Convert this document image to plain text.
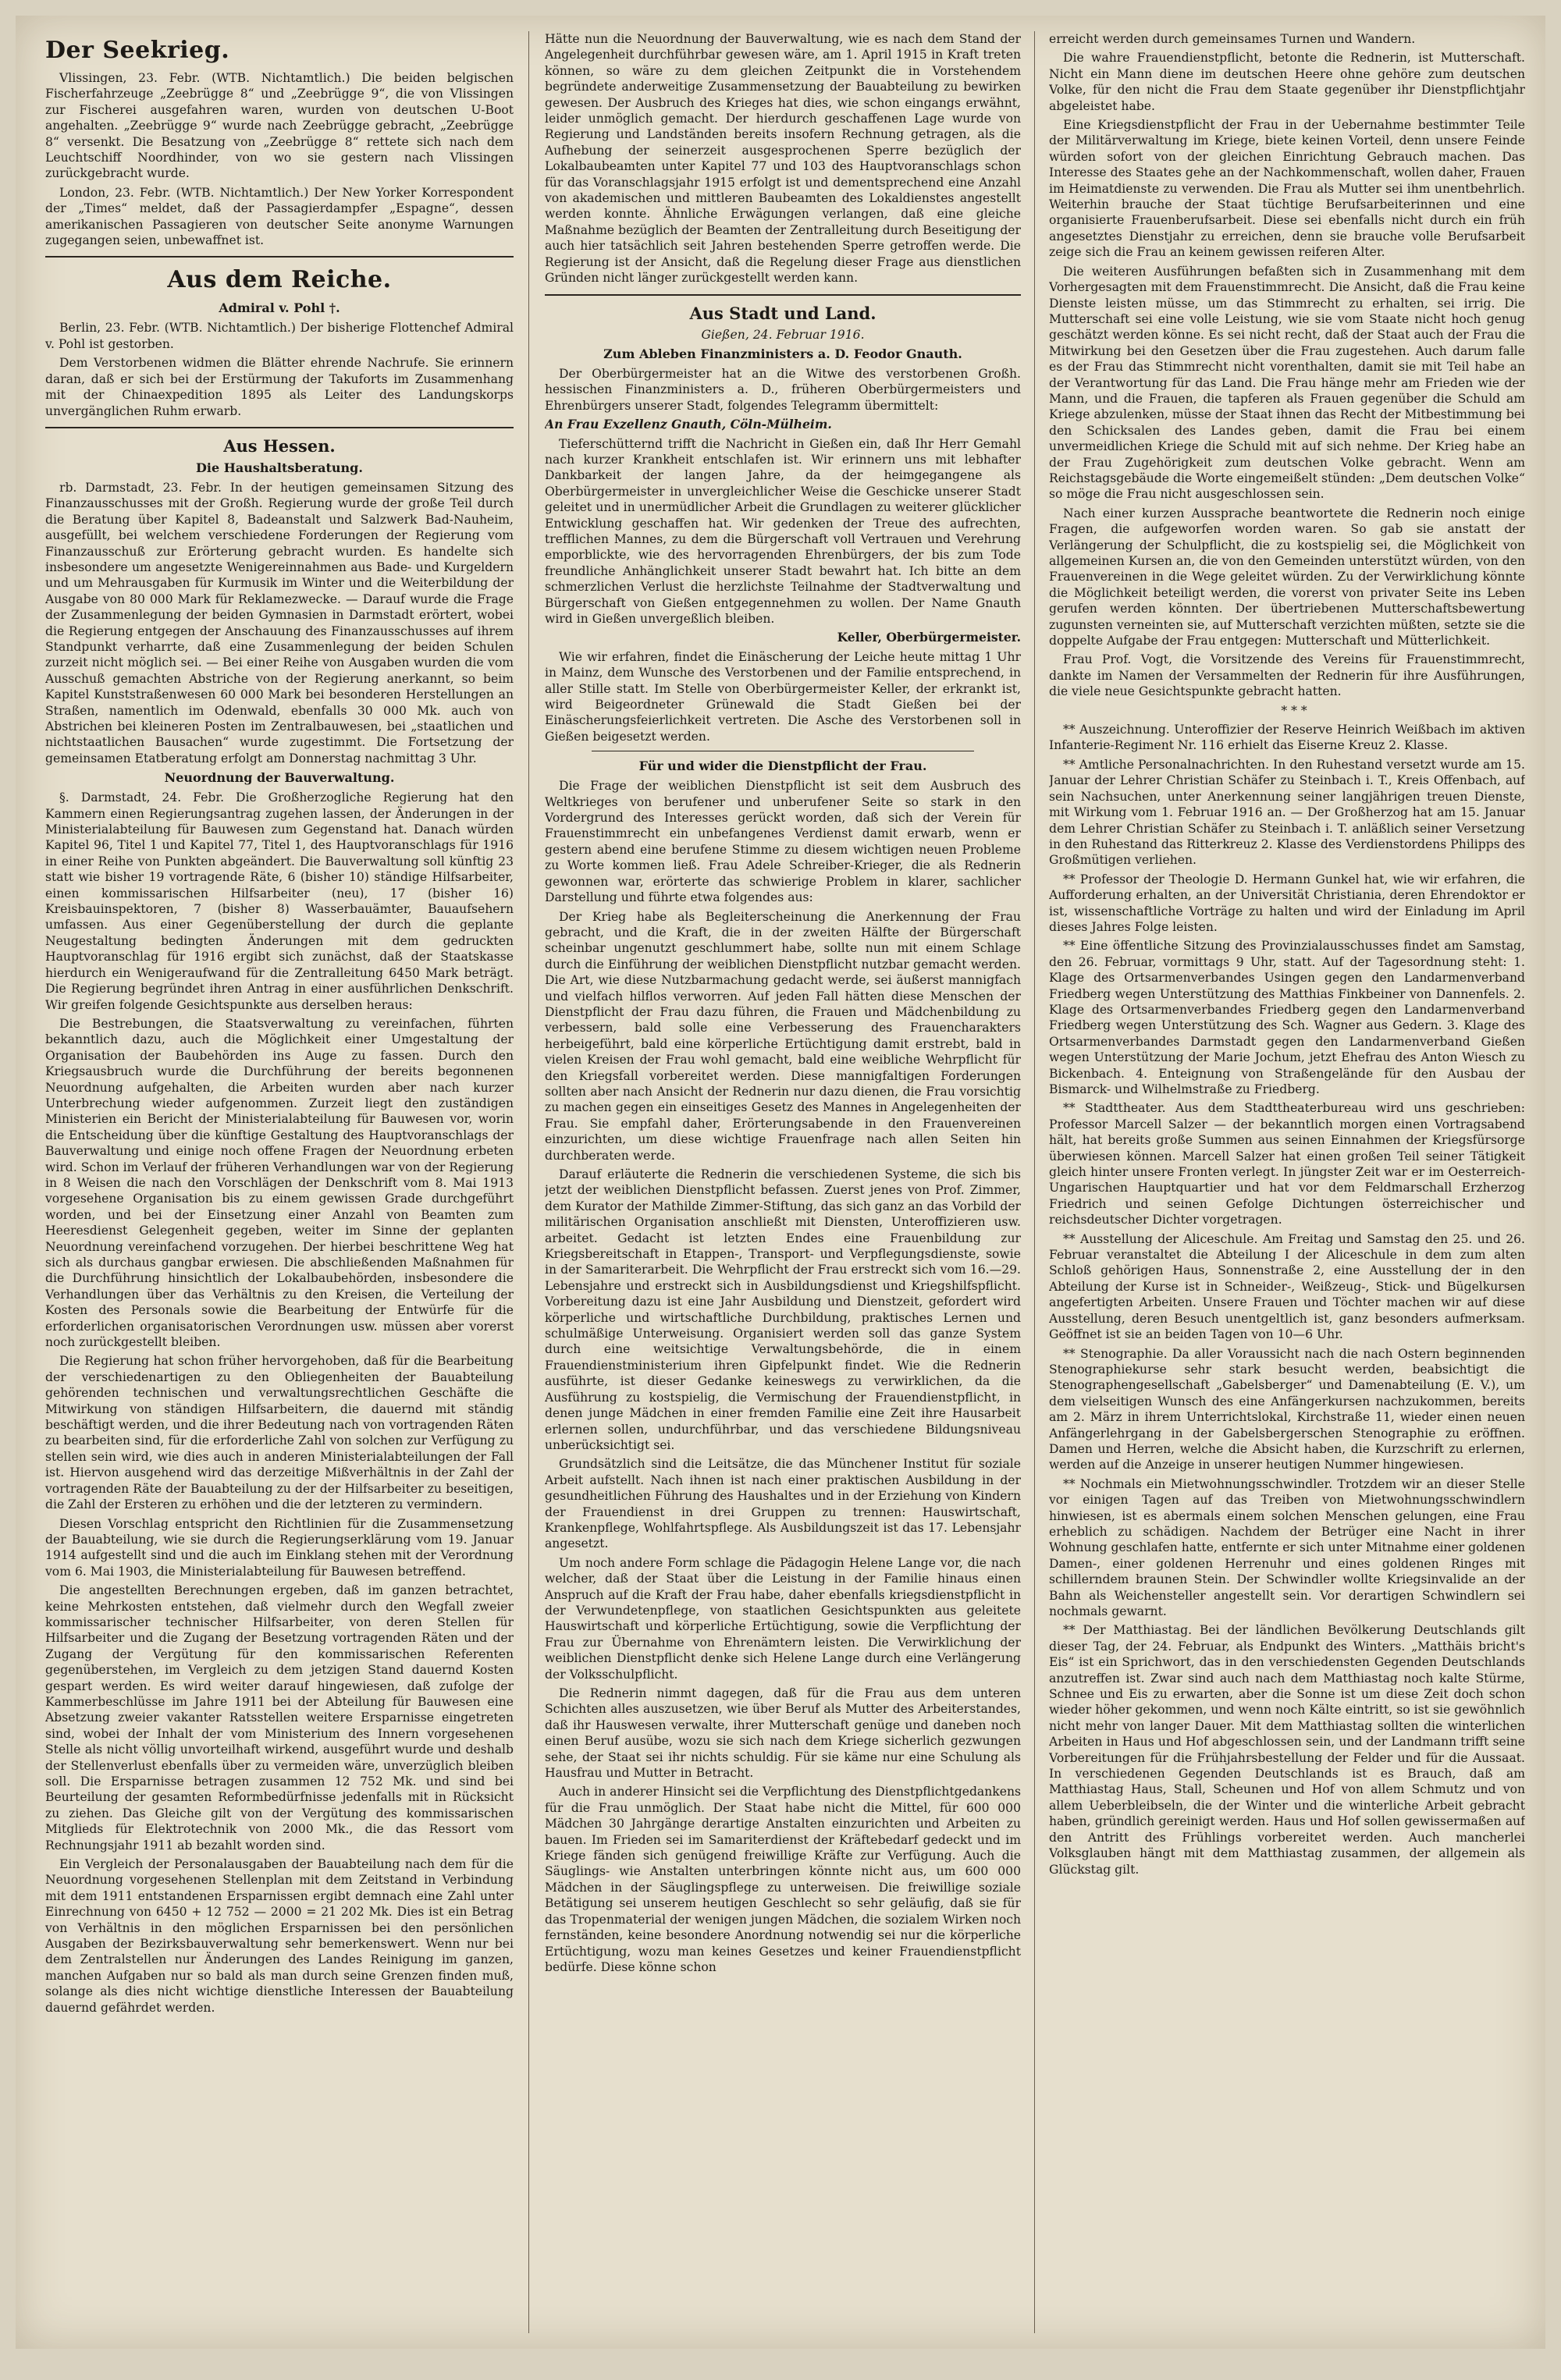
Der Seekrieg.

Vlissingen, 23. Febr. (WTB. Nichtamtlich.) Die beiden belgischen Fischerfahrzeuge „Zeebrügge 8“ und „Zeebrügge 9“, die von Vlissingen zur Fischerei ausgefahren waren, wurden von deutschen U-Boot angehalten. „Zeebrügge 9“ wurde nach Zeebrügge gebracht, „Zeebrügge 8“ versenkt. Die Besatzung von „Zeebrügge 8“ rettete sich nach dem Leuchtschiff Noordhinder, von wo sie gestern nach Vlissingen zurückgebracht wurde.

London, 23. Febr. (WTB. Nichtamtlich.) Der New Yorker Korrespondent der „Times“ meldet, daß der Passagierdampfer „Espagne“, dessen amerikanischen Passagieren von deutscher Seite anonyme Warnungen zugegangen seien, unbewaffnet ist.

Aus dem Reiche.
Admiral v. Pohl †.

Berlin, 23. Febr. (WTB. Nichtamtlich.) Der bisherige Flottenchef Admiral v. Pohl ist gestorben.

Dem Verstorbenen widmen die Blätter ehrende Nachrufe. Sie erinnern daran, daß er sich bei der Erstürmung der Takuforts im Zusammenhang mit der Chinaexpedition 1895 als Leiter des Landungskorps unvergänglichen Ruhm erwarb.

Aus Hessen.
Die Haushaltsberatung.

rb. Darmstadt, 23. Febr. In der heutigen gemeinsamen Sitzung des Finanzausschusses mit der Großh. Regierung wurde der große Teil durch die Beratung über Kapitel 8, Badeanstalt und Salzwerk Bad-Nauheim, ausgefüllt, bei welchem verschiedene Forderungen der Regierung vom Finanzausschuß zur Erörterung gebracht wurden. Es handelte sich insbesondere um angesetzte Wenigereinnahmen aus Bade- und Kurgeldern und um Mehrausgaben für Kurmusik im Winter und die Weiterbildung der Ausgabe von 80 000 Mark für Reklamezwecke. — Darauf wurde die Frage der Zusammenlegung der beiden Gymnasien in Darmstadt erörtert, wobei die Regierung entgegen der Anschauung des Finanzausschusses auf ihrem Standpunkt verharrte, daß eine Zusammenlegung der beiden Schulen zurzeit nicht möglich sei. — Bei einer Reihe von Ausgaben wurden die vom Ausschuß gemachten Abstriche von der Regierung anerkannt, so beim Kapitel Kunststraßenwesen 60 000 Mark bei besonderen Herstellungen an Straßen, namentlich im Odenwald, ebenfalls 30 000 Mk. auch von Abstrichen bei kleineren Posten im Zentralbauwesen, bei „staatlichen und nichtstaatlichen Bausachen“ wurde zugestimmt. Die Fortsetzung der gemeinsamen Etatberatung erfolgt am Donnerstag nachmittag 3 Uhr.

Neuordnung der Bauverwaltung.

§. Darmstadt, 24. Febr. Die Großherzogliche Regierung hat den Kammern einen Regierungsantrag zugehen lassen, der Änderungen in der Ministerialabteilung für Bauwesen zum Gegenstand hat. Danach würden Kapitel 96, Titel 1 und Kapitel 77, Titel 1, des Hauptvoranschlags für 1916 in einer Reihe von Punkten abgeändert. Die Bauverwaltung soll künftig 23 statt wie bisher 19 vortragende Räte, 6 (bisher 10) ständige Hilfsarbeiter, einen kommissarischen Hilfsarbeiter (neu), 17 (bisher 16) Kreisbauinspektoren, 7 (bisher 8) Wasserbauämter, Bauaufsehern umfassen. Aus einer Gegenüberstellung der durch die geplante Neugestaltung bedingten Änderungen mit dem gedruckten Hauptvoranschlag für 1916 ergibt sich zunächst, daß der Staatskasse hierdurch ein Wenigeraufwand für die Zentralleitung 6450 Mark beträgt. Die Regierung begründet ihren Antrag in einer ausführlichen Denkschrift. Wir greifen folgende Gesichtspunkte aus derselben heraus:

Die Bestrebungen, die Staatsverwaltung zu vereinfachen, führten bekanntlich dazu, auch die Möglichkeit einer Umgestaltung der Organisation der Baubehörden ins Auge zu fassen. Durch den Kriegsausbruch wurde die Durchführung der bereits begonnenen Neuordnung aufgehalten, die Arbeiten wurden aber nach kurzer Unterbrechung wieder aufgenommen. Zurzeit liegt den zuständigen Ministerien ein Bericht der Ministerialabteilung für Bauwesen vor, worin die Entscheidung über die künftige Gestaltung des Hauptvoranschlags der Bauverwaltung und einige noch offene Fragen der Neuordnung erbeten wird. Schon im Verlauf der früheren Verhandlungen war von der Regierung in 8 Weisen die nach den Vorschlägen der Denkschrift vom 8. Mai 1913 vorgesehene Organisation bis zu einem gewissen Grade durchgeführt worden, und bei der Einsetzung einer Anzahl von Beamten zum Heeresdienst Gelegenheit gegeben, weiter im Sinne der geplanten Neuordnung vereinfachend vorzugehen. Der hierbei beschrittene Weg hat sich als durchaus gangbar erwiesen. Die abschließenden Maßnahmen für die Durchführung hinsichtlich der Lokalbaubehörden, insbesondere die Verhandlungen über das Verhältnis zu den Kreisen, die Verteilung der Kosten des Personals sowie die Bearbeitung der Entwürfe für die erforderlichen organisatorischen Verordnungen usw. müssen aber vorerst noch zurückgestellt bleiben.

Die Regierung hat schon früher hervorgehoben, daß für die Bearbeitung der verschiedenartigen zu den Obliegenheiten der Bauabteilung gehörenden technischen und verwaltungsrechtlichen Geschäfte die Mitwirkung von ständigen Hilfsarbeitern, die dauernd mit ständig beschäftigt werden, und die ihrer Bedeutung nach von vortragenden Räten zu bearbeiten sind, für die erforderliche Zahl von solchen zur Verfügung zu stellen sein wird, wie dies auch in anderen Ministerialabteilungen der Fall ist. Hiervon ausgehend wird das derzeitige Mißverhältnis in der Zahl der vortragenden Räte der Bauabteilung zu der der Hilfsarbeiter zu beseitigen, die Zahl der Ersteren zu erhöhen und die der letzteren zu vermindern.

Diesen Vorschlag entspricht den Richtlinien für die Zusammensetzung der Bauabteilung, wie sie durch die Regierungserklärung vom 19. Januar 1914 aufgestellt sind und die auch im Einklang stehen mit der Verordnung vom 6. Mai 1903, die Ministerialabteilung für Bauwesen betreffend.

Die angestellten Berechnungen ergeben, daß im ganzen betrachtet, keine Mehrkosten entstehen, daß vielmehr durch den Wegfall zweier kommissarischer technischer Hilfsarbeiter, von deren Stellen für Hilfsarbeiter und die Zugang der Besetzung vortragenden Räten und der Zugang der Vergütung für den kommissarischen Referenten gegenüberstehen, im Vergleich zu dem jetzigen Stand dauernd Kosten gespart werden. Es wird weiter darauf hingewiesen, daß zufolge der Kammerbeschlüsse im Jahre 1911 bei der Abteilung für Bauwesen eine Absetzung zweier vakanter Ratsstellen weitere Ersparnisse eingetreten sind, wobei der Inhalt der vom Ministerium des Innern vorgesehenen Stelle als nicht völlig unvorteilhaft wirkend, ausgeführt wurde und deshalb der Stellenverlust ebenfalls über zu vermeiden wäre, unverzüglich bleiben soll. Die Ersparnisse betragen zusammen 12 752 Mk. und sind bei Beurteilung der gesamten Reformbedürfnisse jedenfalls mit in Rücksicht zu ziehen. Das Gleiche gilt von der Vergütung des kommissarischen Mitglieds für Elektrotechnik von 2000 Mk., die das Ressort vom Rechnungsjahr 1911 ab bezahlt worden sind.

Ein Vergleich der Personalausgaben der Bauabteilung nach dem für die Neuordnung vorgesehenen Stellenplan mit dem Zeitstand in Verbindung mit dem 1911 entstandenen Ersparnissen ergibt demnach eine Zahl unter Einrechnung von 6450 + 12 752 — 2000 = 21 202 Mk. Dies ist ein Betrag von Verhältnis in den möglichen Ersparnissen bei den persönlichen Ausgaben der Bezirksbauverwaltung sehr bemerkenswert. Wenn nur bei dem Zentralstellen nur Änderungen des Landes Reinigung im ganzen, manchen Aufgaben nur so bald als man durch seine Grenzen finden muß, solange als dies nicht wichtige dienstliche Interessen der Bauabteilung dauernd gefährdet werden.

Hätte nun die Neuordnung der Bauverwaltung, wie es nach dem Stand der Angelegenheit durchführbar gewesen wäre, am 1. April 1915 in Kraft treten können, so wäre zu dem gleichen Zeitpunkt die in Vorstehendem begründete anderweitige Zusammensetzung der Bauabteilung zu bewirken gewesen. Der Ausbruch des Krieges hat dies, wie schon eingangs erwähnt, leider unmöglich gemacht. Der hierdurch geschaffenen Lage wurde von Regierung und Landständen bereits insofern Rechnung getragen, als die Aufhebung der seinerzeit ausgesprochenen Sperre bezüglich der Lokalbaubeamten unter Kapitel 77 und 103 des Hauptvoranschlags schon für das Voranschlagsjahr 1915 erfolgt ist und dementsprechend eine Anzahl von akademischen und mittleren Baubeamten des Lokaldienstes angestellt werden konnte. Ähnliche Erwägungen verlangen, daß eine gleiche Maßnahme bezüglich der Beamten der Zentralleitung durch Beseitigung der auch hier tatsächlich seit Jahren bestehenden Sperre getroffen werde. Die Regierung ist der Ansicht, daß die Regelung dieser Frage aus dienstlichen Gründen nicht länger zurückgestellt werden kann.

Aus Stadt und Land.

Gießen, 24. Februar 1916.

Zum Ableben Finanzministers a. D. Feodor Gnauth.

Der Oberbürgermeister hat an die Witwe des verstorbenen Großh. hessischen Finanzministers a. D., früheren Oberbürgermeisters und Ehrenbürgers unserer Stadt, folgendes Telegramm übermittelt:

An Frau Exzellenz Gnauth, Cöln-Mülheim.

Tieferschütternd trifft die Nachricht in Gießen ein, daß Ihr Herr Gemahl nach kurzer Krankheit entschlafen ist. Wir erinnern uns mit lebhafter Dankbarkeit der langen Jahre, da der heimgegangene als Oberbürgermeister in unvergleichlicher Weise die Geschicke unserer Stadt geleitet und in unermüdlicher Arbeit die Grundlagen zu weiterer glücklicher Entwicklung geschaffen hat. Wir gedenken der Treue des aufrechten, trefflichen Mannes, zu dem die Bürgerschaft voll Vertrauen und Verehrung emporblickte, wie des hervorragenden Ehrenbürgers, der bis zum Tode freundliche Anhänglichkeit unserer Stadt bewahrt hat. Ich bitte an dem schmerzlichen Verlust die herzlichste Teilnahme der Stadtverwaltung und Bürgerschaft von Gießen entgegennehmen zu wollen. Der Name Gnauth wird in Gießen unvergeßlich bleiben.

Keller, Oberbürgermeister.

Wie wir erfahren, findet die Einäscherung der Leiche heute mittag 1 Uhr in Mainz, dem Wunsche des Verstorbenen und der Familie entsprechend, in aller Stille statt. Im Stelle von Oberbürgermeister Keller, der erkrankt ist, wird Beigeordneter Grünewald die Stadt Gießen bei der Einäscherungsfeierlichkeit vertreten. Die Asche des Verstorbenen soll in Gießen beigesetzt werden.

Für und wider die Dienstpflicht der Frau.

Die Frage der weiblichen Dienstpflicht ist seit dem Ausbruch des Weltkrieges von berufener und unberufener Seite so stark in den Vordergrund des Interesses gerückt worden, daß sich der Verein für Frauenstimmrecht ein unbefangenes Verdienst damit erwarb, wenn er gestern abend eine berufene Stimme zu diesem wichtigen neuen Probleme zu Worte kommen ließ. Frau Adele Schreiber-Krieger, die als Rednerin gewonnen war, erörterte das schwierige Problem in klarer, sachlicher Darstellung und führte etwa folgendes aus:

Der Krieg habe als Begleiterscheinung die Anerkennung der Frau gebracht, und die Kraft, die in der zweiten Hälfte der Bürgerschaft scheinbar ungenutzt geschlummert habe, sollte nun mit einem Schlage durch die Einführung der weiblichen Dienstpflicht nutzbar gemacht werden. Die Art, wie diese Nutzbarmachung gedacht werde, sei äußerst mannigfach und vielfach hilflos verworren. Auf jeden Fall hätten diese Menschen der Dienstpflicht der Frau dazu führen, die Frauen und Mädchenbildung zu verbessern, bald solle eine Verbesserung des Frauencharakters herbeigeführt, bald eine körperliche Ertüchtigung damit erstrebt, bald in vielen Kreisen der Frau wohl gemacht, bald eine weibliche Wehrpflicht für den Kriegsfall vorbereitet werden. Diese mannigfaltigen Forderungen sollten aber nach Ansicht der Rednerin nur dazu dienen, die Frau vorsichtig zu machen gegen ein einseitiges Gesetz des Mannes in Angelegenheiten der Frau. Sie empfahl daher, Erörterungsabende in den Frauenvereinen einzurichten, um diese wichtige Frauenfrage nach allen Seiten hin durchberaten werde.

Darauf erläuterte die Rednerin die verschiedenen Systeme, die sich bis jetzt der weiblichen Dienstpflicht befassen. Zuerst jenes von Prof. Zimmer, dem Kurator der Mathilde Zimmer-Stiftung, das sich ganz an das Vorbild der militärischen Organisation anschließt mit Diensten, Unteroffizieren usw. arbeitet. Gedacht ist letzten Endes eine Frauenbildung zur Kriegsbereitschaft in Etappen-, Transport- und Verpflegungsdienste, sowie in der Samariterarbeit. Die Wehrpflicht der Frau erstreckt sich vom 16.—29. Lebensjahre und erstreckt sich in Ausbildungsdienst und Kriegshilfspflicht. Vorbereitung dazu ist eine Jahr Ausbildung und Dienstzeit, gefordert wird körperliche und wirtschaftliche Durchbildung, praktisches Lernen und schulmäßige Unterweisung. Organisiert werden soll das ganze System durch eine weitsichtige Verwaltungsbehörde, die in einem Frauendienstministerium ihren Gipfelpunkt findet. Wie die Rednerin ausführte, ist dieser Gedanke keineswegs zu verwirklichen, da die Ausführung zu kostspielig, die Vermischung der Frauendienstpflicht, in denen junge Mädchen in einer fremden Familie eine Zeit ihre Hausarbeit erlernen sollen, undurchführbar, und das verschiedene Bildungsniveau unberücksichtigt sei.

Grundsätzlich sind die Leitsätze, die das Münchener Institut für soziale Arbeit aufstellt. Nach ihnen ist nach einer praktischen Ausbildung in der gesundheitlichen Führung des Haushaltes und in der Erziehung von Kindern der Frauendienst in drei Gruppen zu trennen: Hauswirtschaft, Krankenpflege, Wohlfahrtspflege. Als Ausbildungszeit ist das 17. Lebensjahr angesetzt.

Um noch andere Form schlage die Pädagogin Helene Lange vor, die nach welcher, daß der Staat über die Leistung in der Familie hinaus einen Anspruch auf die Kraft der Frau habe, daher ebenfalls kriegsdienstpflicht in der Verwundetenpflege, von staatlichen Gesichtspunkten aus geleitete Hauswirtschaft und körperliche Ertüchtigung, sowie die Verpflichtung der Frau zur Übernahme von Ehrenämtern leisten. Die Verwirklichung der weiblichen Dienstpflicht denke sich Helene Lange durch eine Verlängerung der Volksschulpflicht.

Die Rednerin nimmt dagegen, daß für die Frau aus dem unteren Schichten alles auszusetzen, wie über Beruf als Mutter des Arbeiterstandes, daß ihr Hauswesen verwalte, ihrer Mutterschaft genüge und daneben noch einen Beruf ausübe, wozu sie sich nach dem Kriege sicherlich gezwungen sehe, der Staat sei ihr nichts schuldig. Für sie käme nur eine Schulung als Hausfrau und Mutter in Betracht.

Auch in anderer Hinsicht sei die Verpflichtung des Dienstpflichtgedankens für die Frau unmöglich. Der Staat habe nicht die Mittel, für 600 000 Mädchen 30 Jahrgänge derartige Anstalten einzurichten und Arbeiten zu bauen. Im Frieden sei im Samariterdienst der Kräftebedarf gedeckt und im Kriege fänden sich genügend freiwillige Kräfte zur Verfügung. Auch die Säuglings- wie Anstalten unterbringen könnte nicht aus, um 600 000 Mädchen in der Säuglingspflege zu unterweisen. Die freiwillige soziale Betätigung sei unserem heutigen Geschlecht so sehr geläufig, daß sie für das Tropenmaterial der wenigen jungen Mädchen, die sozialem Wirken noch fernständen, keine besondere Anordnung notwendig sei nur die körperliche Ertüchtigung, wozu man keines Gesetzes und keiner Frauendienstpflicht bedürfe. Diese könne schon

erreicht werden durch gemeinsames Turnen und Wandern.

Die wahre Frauendienstpflicht, betonte die Rednerin, ist Mutterschaft. Nicht ein Mann diene im deutschen Heere ohne gehöre zum deutschen Volke, für den nicht die Frau dem Staate gegenüber ihr Dienstpflichtjahr abgeleistet habe.

Eine Kriegsdienstpflicht der Frau in der Uebernahme bestimmter Teile der Militärverwaltung im Kriege, biete keinen Vorteil, denn unsere Feinde würden sofort von der gleichen Einrichtung Gebrauch machen. Das Interesse des Staates gehe an der Nachkommenschaft, wollen daher, Frauen im Heimatdienste zu verwenden. Die Frau als Mutter sei ihm unentbehrlich. Weiterhin brauche der Staat tüchtige Berufsarbeiterinnen und eine organisierte Frauenberufsarbeit. Diese sei ebenfalls nicht durch ein früh angesetztes Dienstjahr zu erreichen, denn sie brauche volle Berufsarbeit zeige sich die Frau an keinem gewissen reiferen Alter.

Die weiteren Ausführungen befaßten sich in Zusammenhang mit dem Vorhergesagten mit dem Frauenstimmrecht. Die Ansicht, daß die Frau keine Dienste leisten müsse, um das Stimmrecht zu erhalten, sei irrig. Die Mutterschaft sei eine volle Leistung, wie sie vom Staate nicht hoch genug geschätzt werden könne. Es sei nicht recht, daß der Staat auch der Frau die Mitwirkung bei den Gesetzen über die Frau zugestehen. Auch darum falle es der Frau das Stimmrecht nicht vorenthalten, damit sie mit Teil habe an der Verantwortung für das Land. Die Frau hänge mehr am Frieden wie der Mann, und die Frauen, die tapferen als Frauen gegenüber die Schuld am Kriege abzulenken, müsse der Staat ihnen das Recht der Mitbestimmung bei den Schicksalen des Landes geben, damit die Frau bei einem unvermeidlichen Kriege die Schuld mit auf sich nehme. Der Krieg habe an der Frau Zugehörigkeit zum deutschen Volke gebracht. Wenn am Reichstagsgebäude die Worte eingemeißelt stünden: „Dem deutschen Volke“ so möge die Frau nicht ausgeschlossen sein.

Nach einer kurzen Aussprache beantwortete die Rednerin noch einige Fragen, die aufgeworfen worden waren. So gab sie anstatt der Verlängerung der Schulpflicht, die zu kostspielig sei, die Möglichkeit von allgemeinen Kursen an, die von den Gemeinden unterstützt würden, von den Frauenvereinen in die Wege geleitet würden. Zu der Verwirklichung könnte die Möglichkeit beteiligt werden, die vorerst von privater Seite ins Leben gerufen werden könnten. Der übertriebenen Mutterschaftsbewertung zugunsten verneinten sie, auf Mutterschaft verzichten müßten, setzte sie die doppelte Aufgabe der Frau entgegen: Mutterschaft und Mütterlichkeit.

Frau Prof. Vogt, die Vorsitzende des Vereins für Frauenstimmrecht, dankte im Namen der Versammelten der Rednerin für ihre Ausführungen, die viele neue Gesichtspunkte gebracht hatten.

* * *

** Auszeichnung. Unteroffizier der Reserve Heinrich Weißbach im aktiven Infanterie-Regiment Nr. 116 erhielt das Eiserne Kreuz 2. Klasse.

** Amtliche Personalnachrichten. In den Ruhestand versetzt wurde am 15. Januar der Lehrer Christian Schäfer zu Steinbach i. T., Kreis Offenbach, auf sein Nachsuchen, unter Anerkennung seiner langjährigen treuen Dienste, mit Wirkung vom 1. Februar 1916 an. — Der Großherzog hat am 15. Januar dem Lehrer Christian Schäfer zu Steinbach i. T. anläßlich seiner Versetzung in den Ruhestand das Ritterkreuz 2. Klasse des Verdienstordens Philipps des Großmütigen verliehen.

** Professor der Theologie D. Hermann Gunkel hat, wie wir erfahren, die Aufforderung erhalten, an der Universität Christiania, deren Ehrendoktor er ist, wissenschaftliche Vorträge zu halten und wird der Einladung im April dieses Jahres Folge leisten.

** Eine öffentliche Sitzung des Provinzialausschusses findet am Samstag, den 26. Februar, vormittags 9 Uhr, statt. Auf der Tagesordnung steht: 1. Klage des Ortsarmenverbandes Usingen gegen den Landarmenverband Friedberg wegen Unterstützung des Matthias Finkbeiner von Dannenfels. 2. Klage des Ortsarmenverbandes Friedberg gegen den Landarmenverband Friedberg wegen Unterstützung des Sch. Wagner aus Gedern. 3. Klage des Ortsarmenverbandes Darmstadt gegen den Landarmenverband Gießen wegen Unterstützung der Marie Jochum, jetzt Ehefrau des Anton Wiesch zu Bickenbach. 4. Enteignung von Straßengelände für den Ausbau der Bismarck- und Wilhelmstraße zu Friedberg.

** Stadttheater. Aus dem Stadttheaterbureau wird uns geschrieben: Professor Marcell Salzer — der bekanntlich morgen einen Vortragsabend hält, hat bereits große Summen aus seinen Einnahmen der Kriegsfürsorge überwiesen können. Marcell Salzer hat einen großen Teil seiner Tätigkeit gleich hinter unsere Fronten verlegt. In jüngster Zeit war er im Oesterreich-Ungarischen Hauptquartier und hat vor dem Feldmarschall Erzherzog Friedrich und seinen Gefolge Dichtungen österreichischer und reichsdeutscher Dichter vorgetragen.

** Ausstellung der Aliceschule. Am Freitag und Samstag den 25. und 26. Februar veranstaltet die Abteilung I der Aliceschule in dem zum alten Schloß gehörigen Haus, Sonnenstraße 2, eine Ausstellung der in den Abteilung der Kurse ist in Schneider-, Weißzeug-, Stick- und Bügelkursen angefertigten Arbeiten. Unsere Frauen und Töchter machen wir auf diese Ausstellung, deren Besuch unentgeltlich ist, ganz besonders aufmerksam. Geöffnet ist sie an beiden Tagen von 10—6 Uhr.

** Stenographie. Da aller Voraussicht nach die nach Ostern beginnenden Stenographiekurse sehr stark besucht werden, beabsichtigt die Stenographengesellschaft „Gabelsberger“ und Damenabteilung (E. V.), um dem vielseitigen Wunsch des eine Anfängerkursen nachzukommen, bereits am 2. März in ihrem Unterrichtslokal, Kirchstraße 11, wieder einen neuen Anfängerlehrgang in der Gabelsbergerschen Stenographie zu eröffnen. Damen und Herren, welche die Absicht haben, die Kurzschrift zu erlernen, werden auf die Anzeige in unserer heutigen Nummer hingewiesen.

** Nochmals ein Mietwohnungsschwindler. Trotzdem wir an dieser Stelle vor einigen Tagen auf das Treiben von Mietwohnungsschwindlern hinwiesen, ist es abermals einem solchen Menschen gelungen, eine Frau erheblich zu schädigen. Nachdem der Betrüger eine Nacht in ihrer Wohnung geschlafen hatte, entfernte er sich unter Mitnahme einer goldenen Damen-, einer goldenen Herrenuhr und eines goldenen Ringes mit schillerndem braunen Stein. Der Schwindler wollte Kriegsinvalide an der Bahn als Weichensteller angestellt sein. Vor derartigen Schwindlern sei nochmals gewarnt.

** Der Matthiastag. Bei der ländlichen Bevölkerung Deutschlands gilt dieser Tag, der 24. Februar, als Endpunkt des Winters. „Matthäis bricht's Eis“ ist ein Sprichwort, das in den verschiedensten Gegenden Deutschlands anzutreffen ist. Zwar sind auch nach dem Matthiastag noch kalte Stürme, Schnee und Eis zu erwarten, aber die Sonne ist um diese Zeit doch schon wieder höher gekommen, und wenn noch Kälte eintritt, so ist sie gewöhnlich nicht mehr von langer Dauer. Mit dem Matthiastag sollten die winterlichen Arbeiten in Haus und Hof abgeschlossen sein, und der Landmann trifft seine Vorbereitungen für die Frühjahrsbestellung der Felder und für die Aussaat. In verschiedenen Gegenden Deutschlands ist es Brauch, daß am Matthiastag Haus, Stall, Scheunen und Hof von allem Schmutz und von allem Ueberbleibseln, die der Winter und die winterliche Arbeit gebracht haben, gründlich gereinigt werden. Haus und Hof sollen gewissermaßen auf den Antritt des Frühlings vorbereitet werden. Auch mancherlei Volksglauben hängt mit dem Matthiastag zusammen, der allgemein als Glückstag gilt.
